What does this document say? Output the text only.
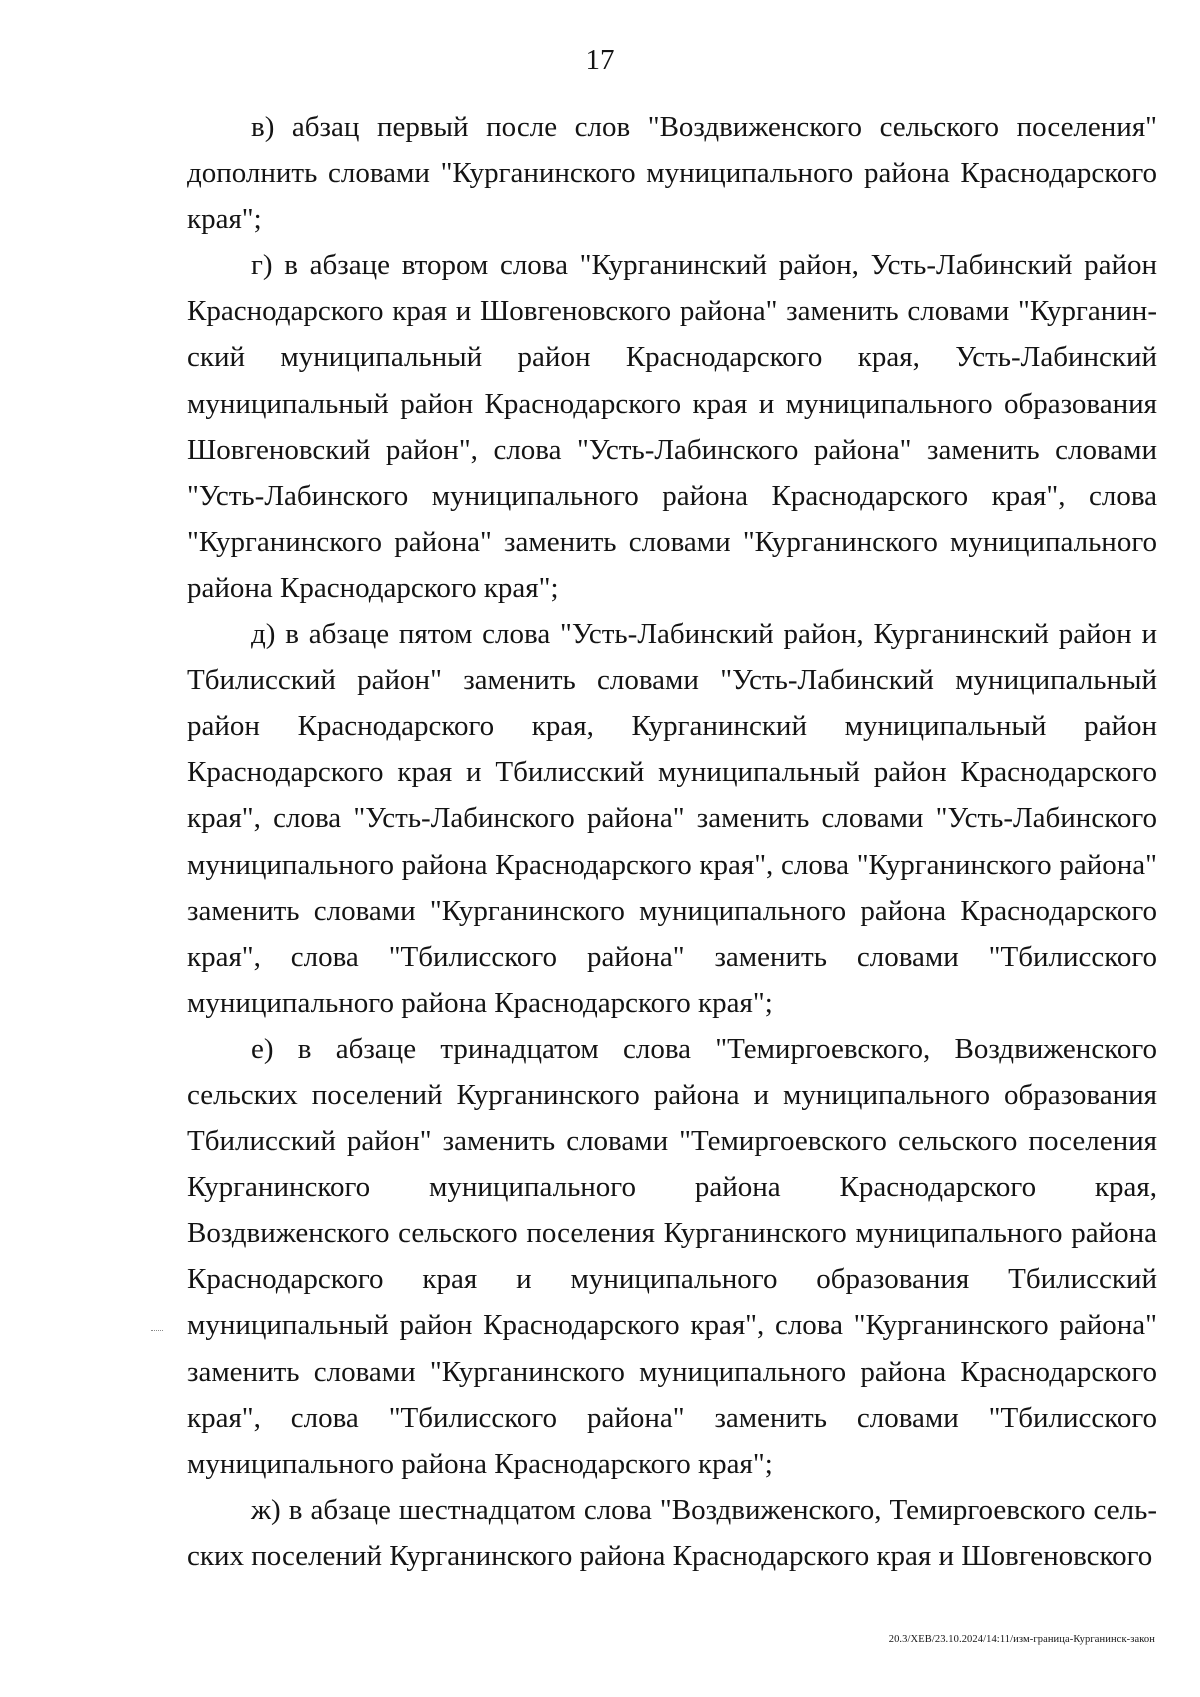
17

в) абзац первый после слов "Воздвиженского сельского поселения" дополнить словами "Курганинского муниципального района Краснодарского края";

г) в абзаце втором слова "Курганинский район, Усть-Лабинский район Краснодарского края и Шовгеновского района" заменить словами "Курганинский муниципальный район Краснодарского края, Усть-Лабинский муниципальный район Краснодарского края и муниципального образования Шовгеновский район", слова "Усть-Лабинского района" заменить словами "Усть-Лабинского муниципального района Краснодарского края", слова "Курганинского района" заменить словами "Курганинского муниципального района Краснодарского края";

д) в абзаце пятом слова "Усть-Лабинский район, Курганинский район и Тбилисский район" заменить словами "Усть-Лабинский муниципальный район Краснодарского края, Курганинский муниципальный район Краснодарского края и Тбилисский муниципальный район Краснодарского края", слова "Усть-Лабинского района" заменить словами "Усть-Лабинского муниципального района Краснодарского края", слова "Курганинского района" заменить словами "Курганинского муниципального района Краснодарского края", слова "Тбилисского района" заменить словами "Тбилисского муниципального района Краснодарского края";

е) в абзаце тринадцатом слова "Темиргоевского, Воздвиженского сельских поселений Курганинского района и муниципального образования Тбилисский район" заменить словами "Темиргоевского сельского поселения Курганинского муниципального района Краснодарского края, Воздвиженского сельского поселения Курганинского муниципального района Краснодарского края и муниципального образования Тбилисский муниципальный район Краснодарского края", слова "Курганинского района" заменить словами "Курганинского муниципального района Краснодарского края", слова "Тбилисского района" заменить словами "Тбилисского муниципального района Краснодарского края";

ж) в абзаце шестнадцатом слова "Воздвиженского, Темиргоевского сельских поселений Курганинского района Краснодарского края и Шовгеновского

20.3/ХЕВ/23.10.2024/14:11/изм-граница-Курганинск-закон
